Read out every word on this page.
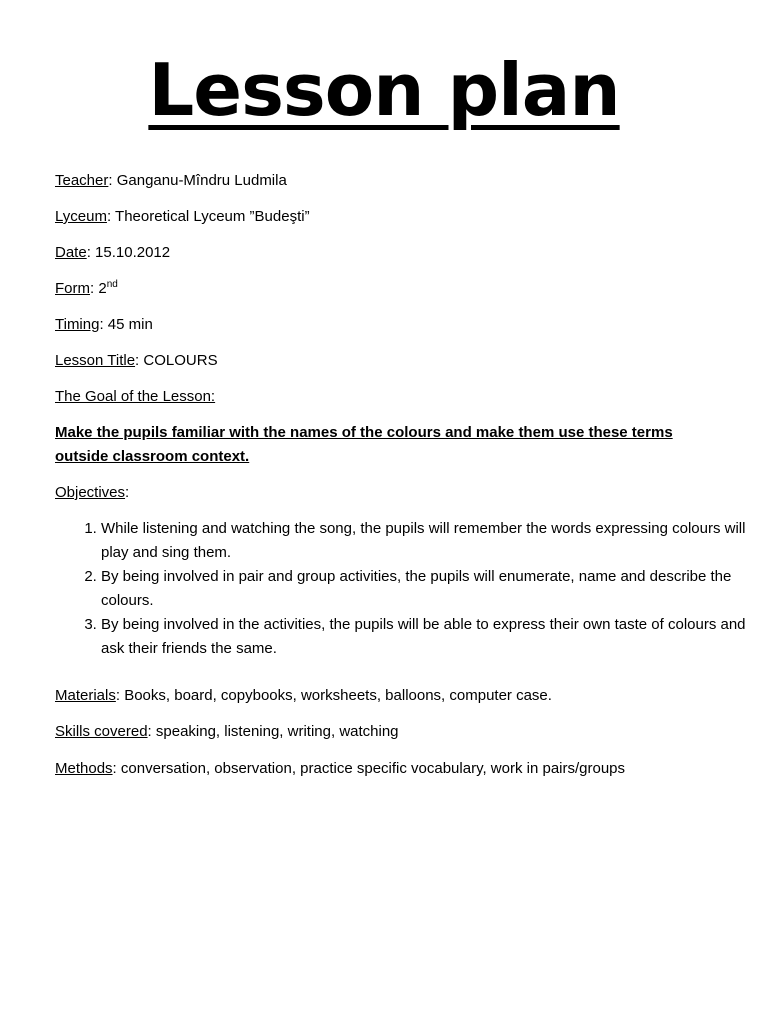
Lesson plan
Teacher: Ganganu-Mîndru Ludmila
Lyceum: Theoretical Lyceum ”Budeşti”
Date: 15.10.2012
Form: 2nd
Timing: 45 min
Lesson Title: COLOURS
The Goal of the Lesson:
Make the pupils familiar with the names of the colours and make them use these terms outside classroom context.
Objectives:
1. While listening and watching the song, the pupils will remember the words expressing colours will play and sing them.
2. By being involved in pair and group activities, the pupils will enumerate, name and describe the colours.
3. By being involved in the activities, the pupils will be able to express their own taste of colours and ask their friends the same.
Materials: Books, board, copybooks, worksheets, balloons, computer case.
Skills covered: speaking, listening, writing, watching
Methods: conversation, observation, practice specific vocabulary, work in pairs/groups
